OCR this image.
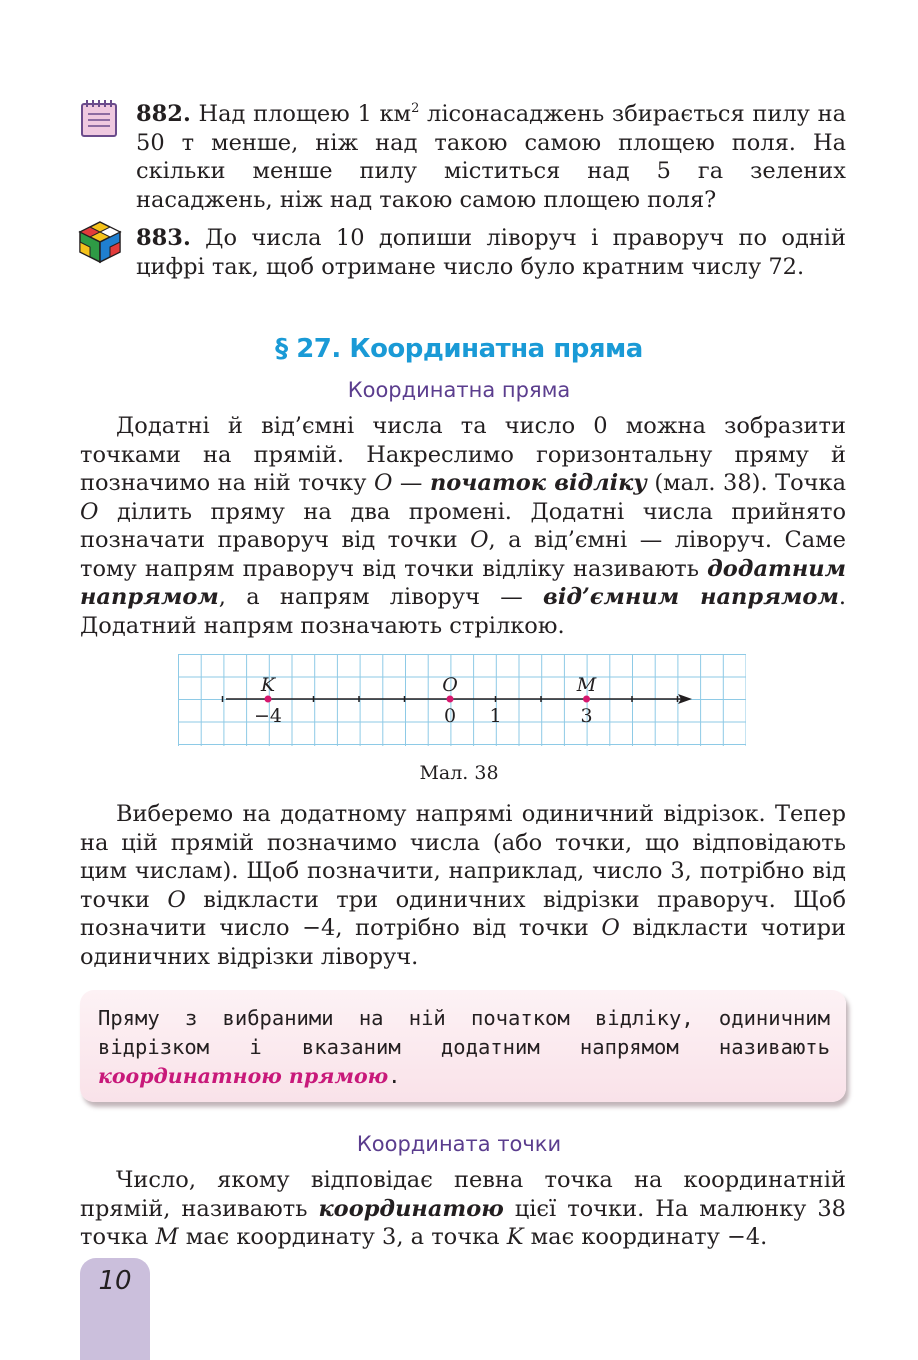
882. Над площею 1 $км^2$ лісонасаджень збирається пилу на 50 т менше, ніж над такою самою площею поля. На скільки менше пилу міститься над 5 га зелених насаджень, ніж над такою самою площею поля?
883. До числа 10 допиши ліворуч і праворуч по одній цифрі так, щоб отримане число було кратним числу 72.
§ 27. Координатна пряма
Координатна пряма
Додатні й від’ємні числа та число 0 можна зобразити точками на прямій. Накреслимо горизонтальну пряму й позначимо на ній точку O — початок відліку (мал. 38). Точка O ділить пряму на два промені. Додатні числа прийнято позначати праворуч від точки O, а від’ємні — ліворуч. Саме тому напрям праворуч від точки відліку називають додатним напрямом, а напрям ліворуч — від’ємним напрямом. Додатний напрям позначають стрілкою.
1
K
−4
O
0
M
3
Мал. 38
Виберемо на додатному напрямі одиничний відрізок. Тепер на цій прямій позначимо числа (або точки, що відповідають цим числам). Щоб позначити, наприклад, число 3, потрібно від точки O відкласти три одиничних відрізки праворуч. Щоб позначити число −4, потрібно від точки O відкласти чотири одиничних відрізки ліворуч.
Пряму з вибраними на ній початком відліку, одиничним відрізком і вказаним додатним напрямом називають координатною прямою.
Координата точки
Число, якому відповідає певна точка на координатній прямій, називають координатою цієї точки. На малюнку 38 точка M має координату 3, а точка K має координату −4.
10
